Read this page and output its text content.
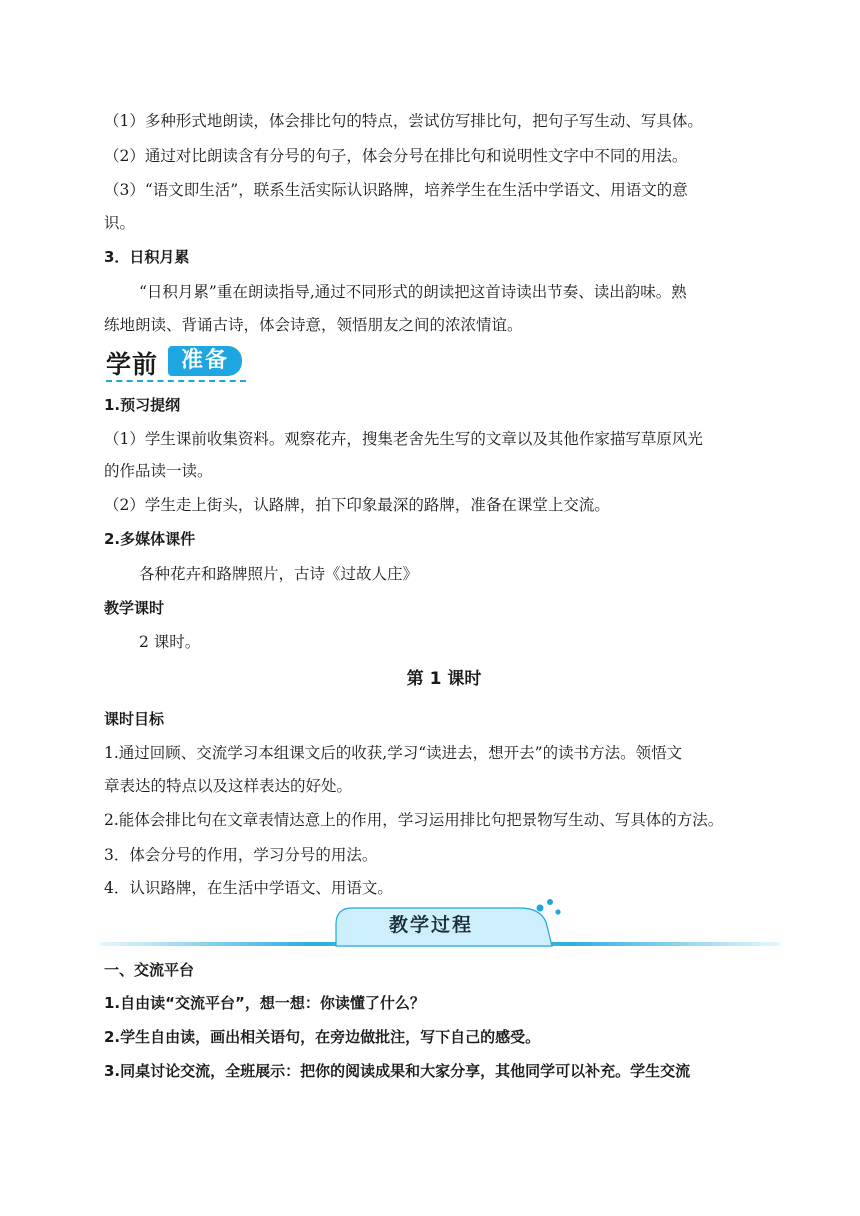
（1）多种形式地朗读，体会排比句的特点，尝试仿写排比句，把句子写生动、写具体。
（2）通过对比朗读含有分号的句子，体会分号在排比句和说明性文字中不同的用法。
（3）“语文即生活”，联系生活实际认识路牌，培养学生在生活中学语文、用语文的意
识。
3．日积月累
“日积月累”重在朗读指导,通过不同形式的朗读把这首诗读出节奏、读出韵味。熟
练地朗读、背诵古诗，体会诗意，领悟朋友之间的浓浓情谊。
学前	准备
1.预习提纲
（1）学生课前收集资料。观察花卉，搜集老舍先生写的文章以及其他作家描写草原风光
的作品读一读。
（2）学生走上街头，认路牌，拍下印象最深的路牌，准备在课堂上交流。
2.多媒体课件
各种花卉和路牌照片，古诗《过故人庄》
教学课时
2 课时。
第 1 课时
课时目标
1.通过回顾、交流学习本组课文后的收获,学习“读进去，想开去”的读书方法。领悟文
章表达的特点以及这样表达的好处。
2.能体会排比句在文章表情达意上的作用，学习运用排比句把景物写生动、写具体的方法。
3．体会分号的作用，学习分号的用法。
4．认识路牌，在生活中学语文、用语文。
教学过程
一、交流平台
1.自由读“交流平台”，想一想：你读懂了什么？
2.学生自由读，画出相关语句，在旁边做批注，写下自己的感受。
3.同桌讨论交流，全班展示：把你的阅读成果和大家分享，其他同学可以补充。学生交流
